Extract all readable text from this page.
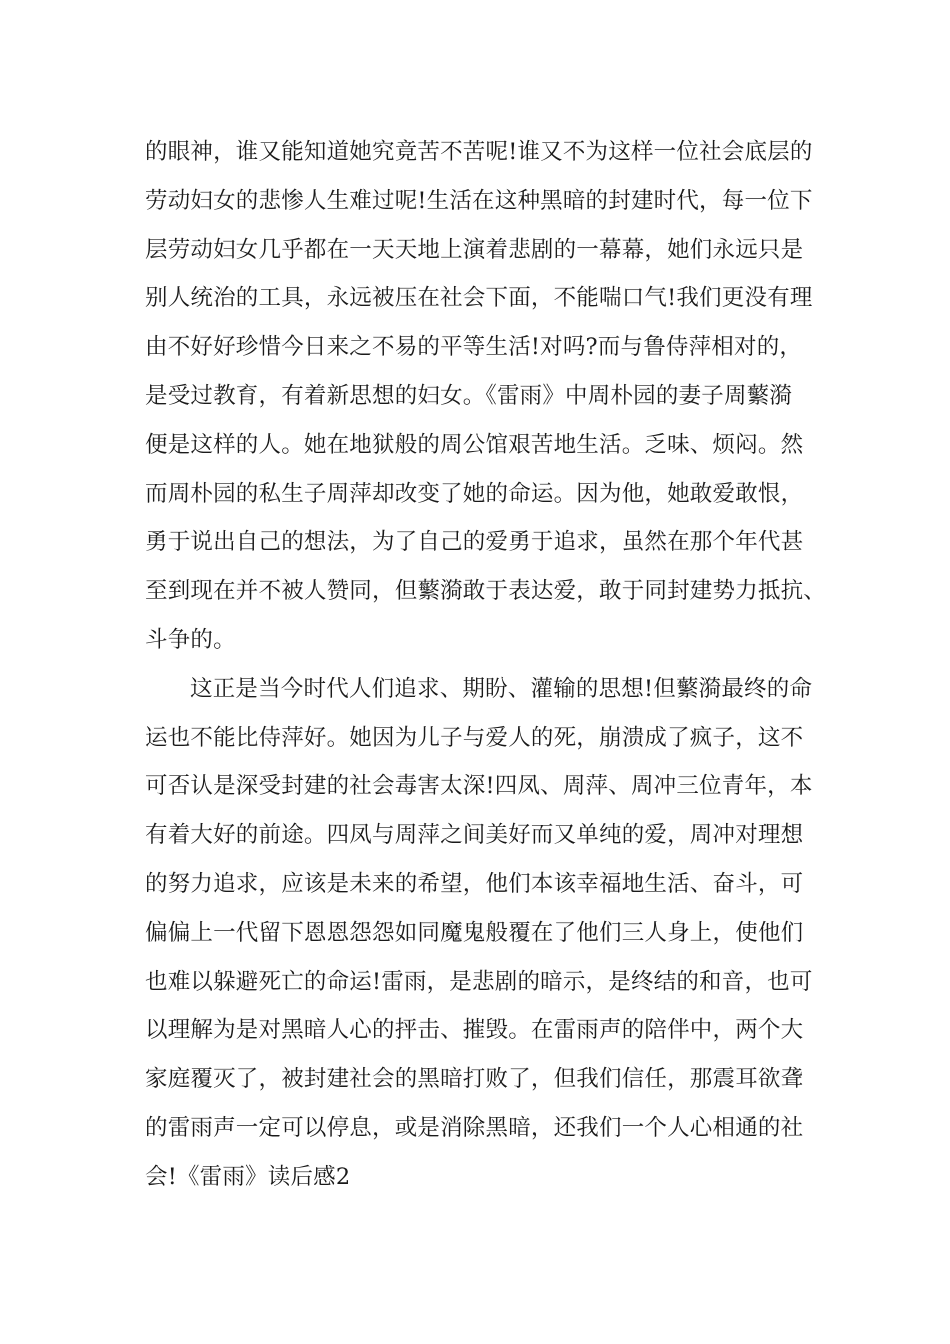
的眼神，谁又能知道她究竟苦不苦呢!谁又不为这样一位社会底层的
劳动妇女的悲惨人生难过呢!生活在这种黑暗的封建时代，每一位下
层劳动妇女几乎都在一天天地上演着悲剧的一幕幕，她们永远只是
别人统治的工具，永远被压在社会下面，不能喘口气!我们更没有理
由不好好珍惜今日来之不易的平等生活!对吗?而与鲁侍萍相对的，
是受过教育，有着新思想的妇女。《雷雨》中周朴园的妻子周蘩漪
便是这样的人。她在地狱般的周公馆艰苦地生活。乏味、烦闷。然
而周朴园的私生子周萍却改变了她的命运。因为他，她敢爱敢恨，
勇于说出自己的想法，为了自己的爱勇于追求，虽然在那个年代甚
至到现在并不被人赞同，但蘩漪敢于表达爱，敢于同封建势力抵抗、
斗争的。
这正是当今时代人们追求、期盼、灌输的思想!但蘩漪最终的命
运也不能比侍萍好。她因为儿子与爱人的死，崩溃成了疯子，这不
可否认是深受封建的社会毒害太深!四凤、周萍、周冲三位青年，本
有着大好的前途。四凤与周萍之间美好而又单纯的爱，周冲对理想
的努力追求，应该是未来的希望，他们本该幸福地生活、奋斗，可
偏偏上一代留下恩恩怨怨如同魔鬼般覆在了他们三人身上，使他们
也难以躲避死亡的命运!雷雨，是悲剧的暗示，是终结的和音，也可
以理解为是对黑暗人心的抨击、摧毁。在雷雨声的陪伴中，两个大
家庭覆灭了，被封建社会的黑暗打败了，但我们信任，那震耳欲聋
的雷雨声一定可以停息，或是消除黑暗，还我们一个人心相通的社
会!《雷雨》读后感2
